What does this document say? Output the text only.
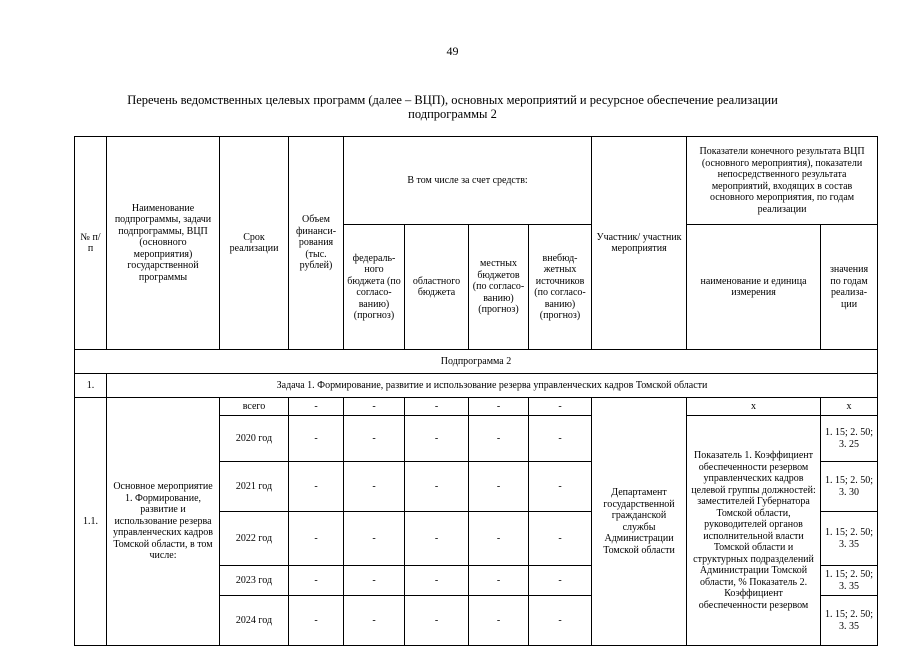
49
Перечень ведомственных целевых программ (далее – ВЦП), основных мероприятий и ресурсное обеспечение реализации подпрограммы 2
№ п/п	Наименование подпрограммы, задачи подпрограммы, ВЦП (основного мероприятия) государственной программы	Срок реализации	Объем финанси-рования (тыс. рублей)	В том числе за счет средств:				Участник/ участник мероприятия	Показатели конечного результата ВЦП (основного мероприятия), показатели непосредственного результата мероприятий, входящих в состав основного мероприятия, по годам реализации	
				федераль-ного бюджета (по согласо-ванию) (прогноз)	областного бюджета	местных бюджетов (по согласо-ванию) (прогноз)	внебюд-жетных источников (по согласо-ванию) (прогноз)		наименование и единица измерения	значения по годам реализа-ции
Подпрограмма 2										
1.	Задача 1. Формирование, развитие и использование резерва управленческих кадров Томской области									
1.1.	Основное мероприятие 1. Формирование, развитие и использование резерва управленческих кадров Томской области, в том числе:	всего	-	-	-	-	-	Департамент государственной гражданской службы Администрации Томской области	x	x
		2020 год	-	-	-	-	-		Показатель 1. Коэффициент обеспеченности резервом управленческих кадров целевой группы должностей: заместителей Губернатора Томской области, руководителей органов исполнительной власти Томской области и структурных подразделений Администрации Томской области, % Показатель 2. Коэффициент обеспеченности резервом	1. 15; 2. 50; 3. 25
		2021 год	-	-	-	-	-			1. 15; 2. 50; 3. 30
		2022 год	-	-	-	-	-			1. 15; 2. 50; 3. 35
		2023 год	-	-	-	-	-			1. 15; 2. 50; 3. 35
		2024 год	-	-	-	-	-			1. 15; 2. 50; 3. 35
